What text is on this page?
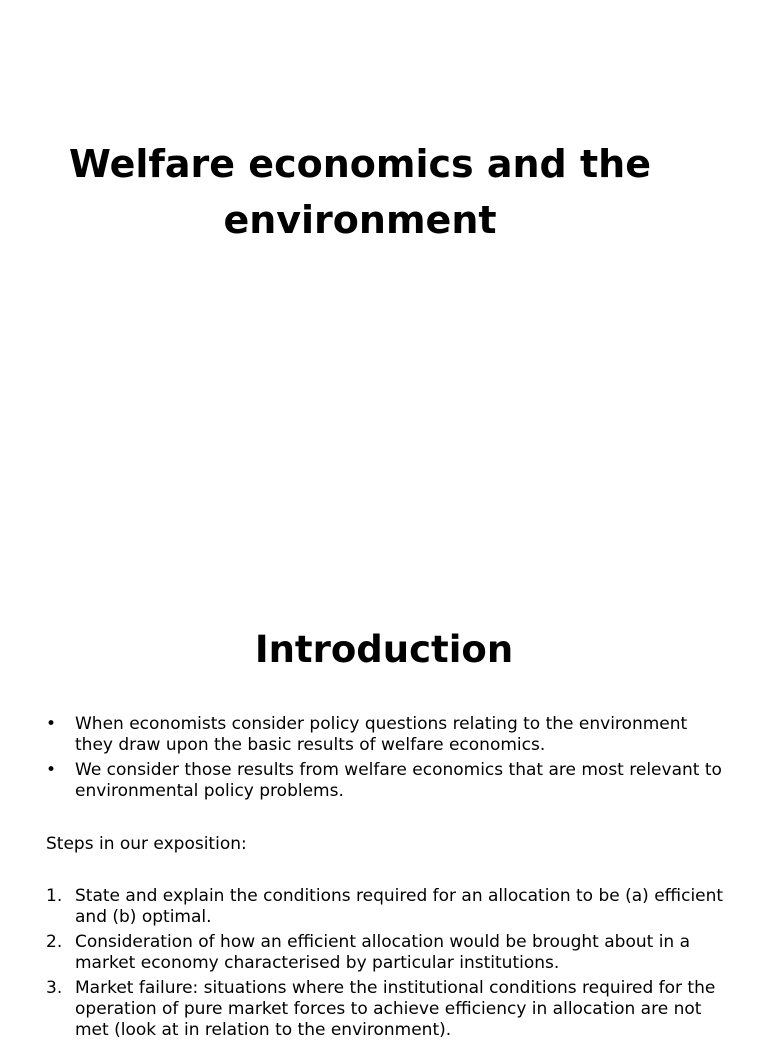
Welfare economics and the
environment
Introduction
•	When economists consider policy questions relating to the environment they draw upon the basic results of welfare economics.
•	We consider those results from welfare economics that are most relevant to environmental policy problems.

Steps in our exposition:

1. State and explain the conditions required for an allocation to be (a) efficient and (b) optimal.
2. Consideration of how an efficient allocation would be brought about in a market economy characterised by particular institutions.
3. Market failure: situations where the institutional conditions required for the operation of pure market forces to achieve efficiency in allocation are not met (look at in relation to the environment).
